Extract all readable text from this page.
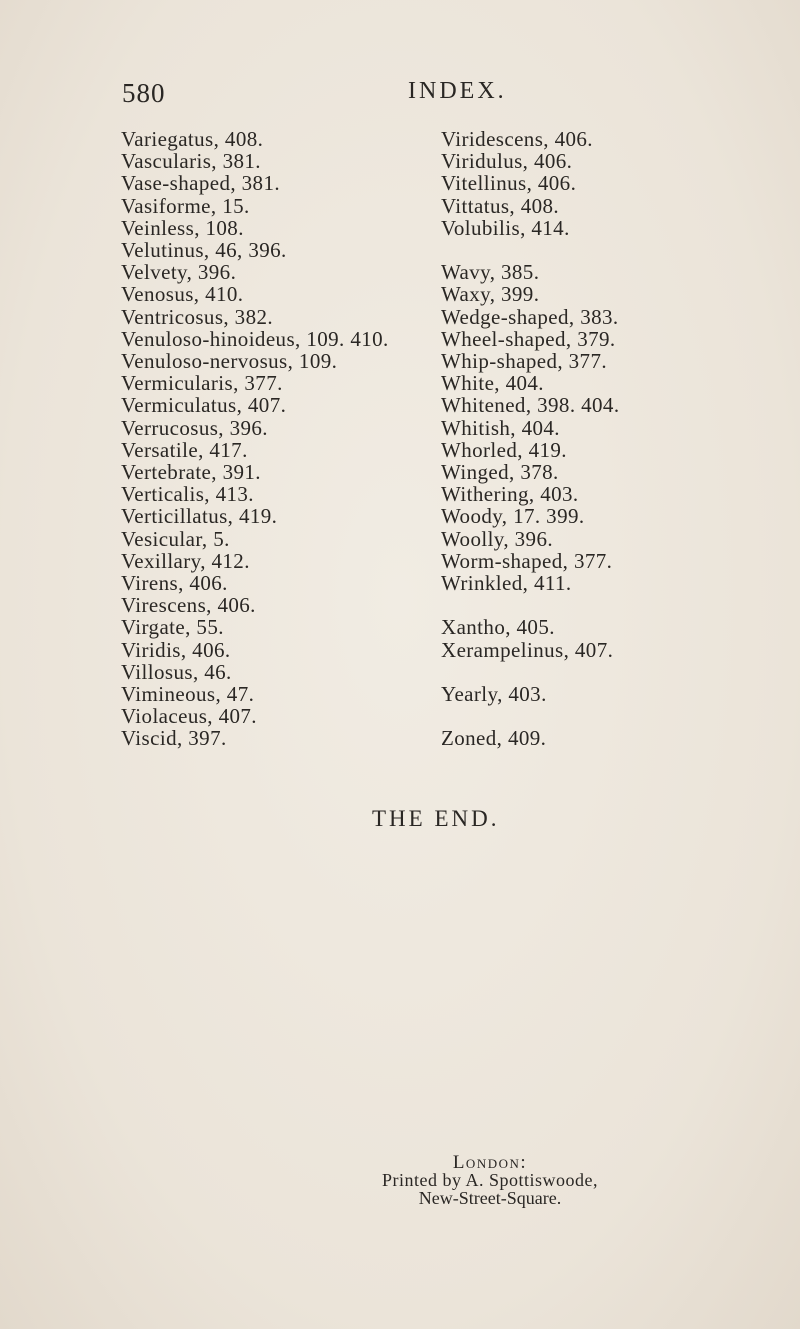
580	INDEX.
Variegatus, 408.
Vascularis, 381.
Vase-shaped, 381.
Vasiforme, 15.
Veinless, 108.
Velutinus, 46, 396.
Velvety, 396.
Venosus, 410.
Ventricosus, 382.
Venuloso-hinoideus, 109. 410.
Venuloso-nervosus, 109.
Vermicularis, 377.
Vermiculatus, 407.
Verrucosus, 396.
Versatile, 417.
Vertebrate, 391.
Verticalis, 413.
Verticillatus, 419.
Vesicular, 5.
Vexillary, 412.
Virens, 406.
Virescens, 406.
Virgate, 55.
Viridis, 406.
Villosus, 46.
Vimineous, 47.
Violaceus, 407.
Viscid, 397.
Viridescens, 406.
Viridulus, 406.
Vitellinus, 406.
Vittatus, 408.
Volubilis, 414.
Wavy, 385.
Waxy, 399.
Wedge-shaped, 383.
Wheel-shaped, 379.
Whip-shaped, 377.
White, 404.
Whitened, 398. 404.
Whitish, 404.
Whorled, 419.
Winged, 378.
Withering, 403.
Woody, 17. 399.
Woolly, 396.
Worm-shaped, 377.
Wrinkled, 411.
Xantho, 405.
Xerampelinus, 407.
Yearly, 403.
Zoned, 409.
THE END.
London:
Printed by A. Spottiswoode,
New-Street-Square.
